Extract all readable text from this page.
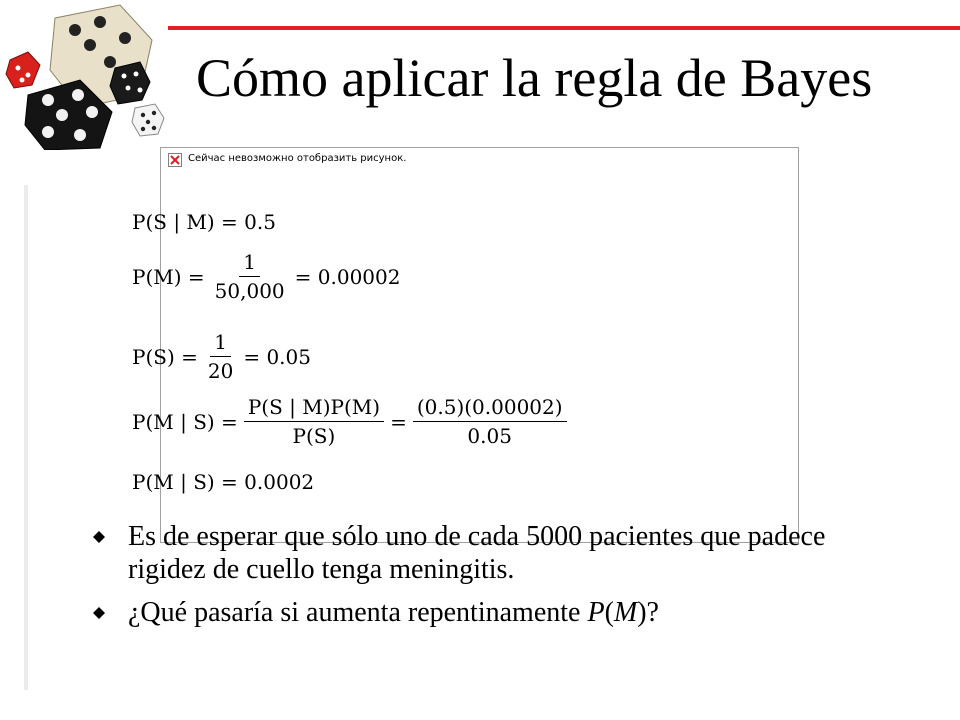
Сейчас невозможно отобразить рисунок.
Cómo aplicar la regla de Bayes
P(S | M) = 0.5
$P(M) = \frac{1}{50,000} = 0.00002$
$P(S) = \frac{1}{20} = 0.05$
P(M | $S) = \frac{P(S | M)P(M)}{P(S)} = \frac{(0.5)(0.00002)}{0.05}$
P(M | S) = 0.0002
Es de esperar que sólo uno de cada 5000 pacientes que padece rigidez de cuello tenga meningitis.
¿Qué pasaría si aumenta repentinamente P(M)?
